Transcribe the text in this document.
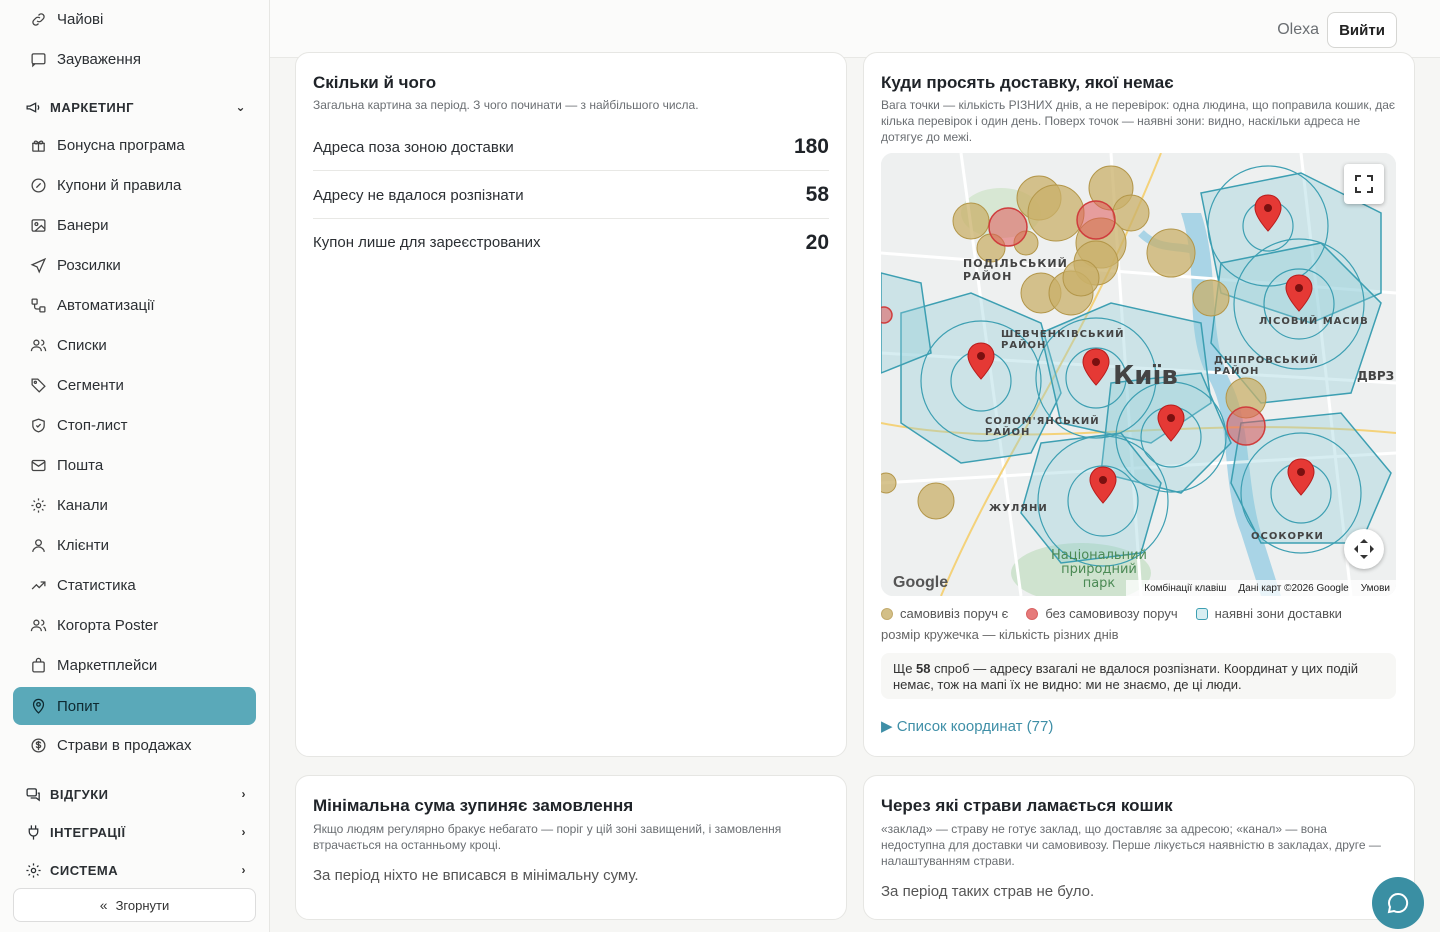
Чайові
Зауваження
МАРКЕТИНГ	⌄
Бонусна програма
Купони й правила
Банери
Розсилки
Автоматизації
Списки
Сегменти
Стоп-лист
Пошта
Канали
Клієнти
Статистика
Когорта Poster
Маркетплейси
Попит
Страви в продажах
ВІДГУКИ	›
ІНТЕГРАЦІЇ	›
СИСТЕМА	›
« Згорнути
Olexa	Вийти
Скільки й чого
Загальна картина за період. З чого починати — з найбільшого числа.
Адреса поза зоною доставки	180
Адресу не вдалося розпізнати	58
Купон лише для зареєстрованих	20
Куди просять доставку, якої немає
Вага точки — кількість РІЗНИХ днів, а не перевірок: одна людина, що поправила кошик, дає кілька перевірок і один день. Поверх точок — наявні зони: видно, наскільки адреса не дотягує до межі.
ПОДІЛЬСЬКИЙ РАЙОН
ШЕВЧЕНКІВСЬКИЙ РАЙОН
Київ
СОЛОМ'ЯНСЬКИЙ РАЙОН
ДНІПРОВСЬКИЙ РАЙОН
ЛІСОВИЙ МАСИВ
ЖУЛЯНИ
ОСОКОРКИ
Національний природний парк
ДВРЗ
Google	Комбінації клавіш Дані карт ©2026 Google Умови
самовивіз поруч є	без самовивозу поруч	наявні зони доставки
розмір кружечка — кількість різних днів
Ще 58 спроб — адресу взагалі не вдалося розпізнати. Координат у цих подій немає, тож на мапі їх не видно: ми не знаємо, де ці люди.
▶ Список координат (77)
Мінімальна сума зупиняє замовлення
Якщо людям регулярно бракує небагато — поріг у цій зоні завищений, і замовлення втрачається на останньому кроці.
За період ніхто не вписався в мінімальну суму.
Через які страви ламається кошик
«заклад» — страву не готує заклад, що доставляє за адресою; «канал» — вона недоступна для доставки чи самовивозу. Перше лікується наявністю в закладах, друге — налаштуванням страви.
За період таких страв не було.
